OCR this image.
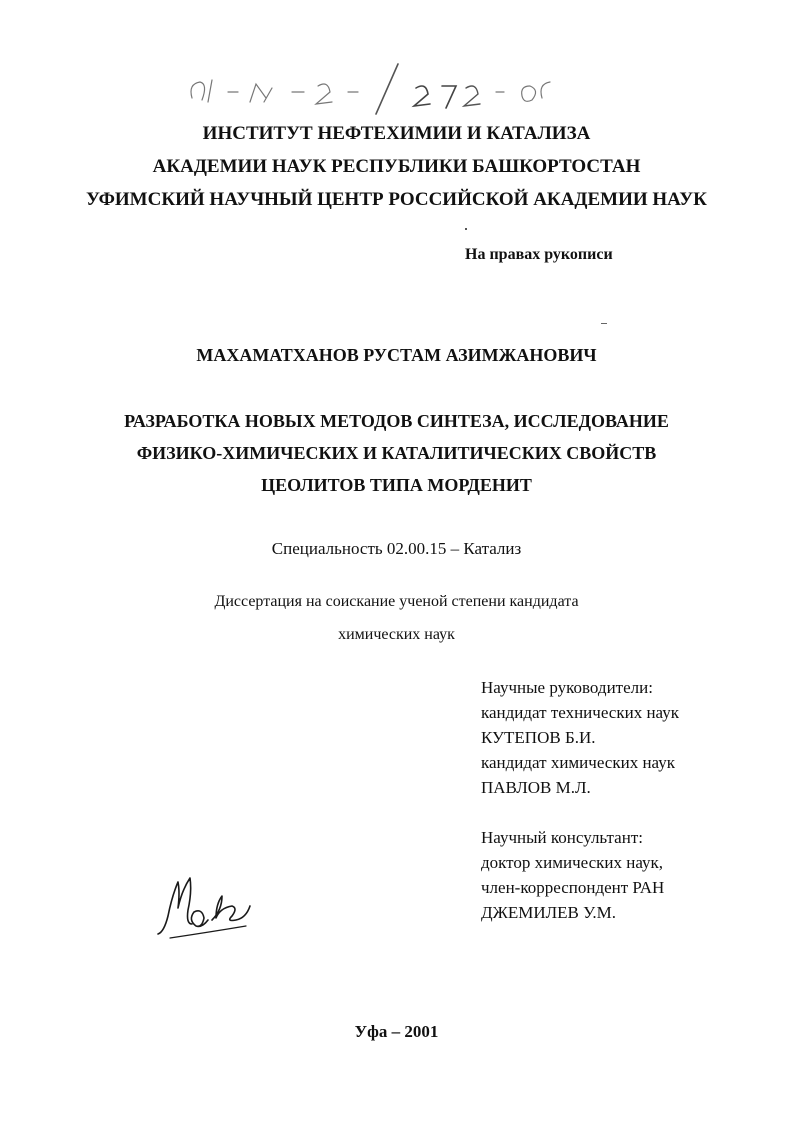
ИНСТИТУТ НЕФТЕХИМИИ И КАТАЛИЗА
АКАДЕМИИ НАУК РЕСПУБЛИКИ БАШКОРТОСТАН
УФИМСКИЙ НАУЧНЫЙ ЦЕНТР РОССИЙСКОЙ АКАДЕМИИ НАУК
На правах рукописи
МАХАМАТХАНОВ РУСТАМ АЗИМЖАНОВИЧ
РАЗРАБОТКА НОВЫХ МЕТОДОВ СИНТЕЗА, ИССЛЕДОВАНИЕ
ФИЗИКО-ХИМИЧЕСКИХ И КАТАЛИТИЧЕСКИХ СВОЙСТВ
ЦЕОЛИТОВ ТИПА МОРДЕНИТ
Специальность 02.00.15 – Катализ
Диссертация на соискание ученой степени кандидата
химических наук
Научные руководители:
кандидат технических наук
КУТЕПОВ Б.И.
кандидат химических наук
ПАВЛОВ М.Л.
Научный консультант:
доктор химических наук,
член-корреспондент РАН
ДЖЕМИЛЕВ У.М.
Уфа – 2001
